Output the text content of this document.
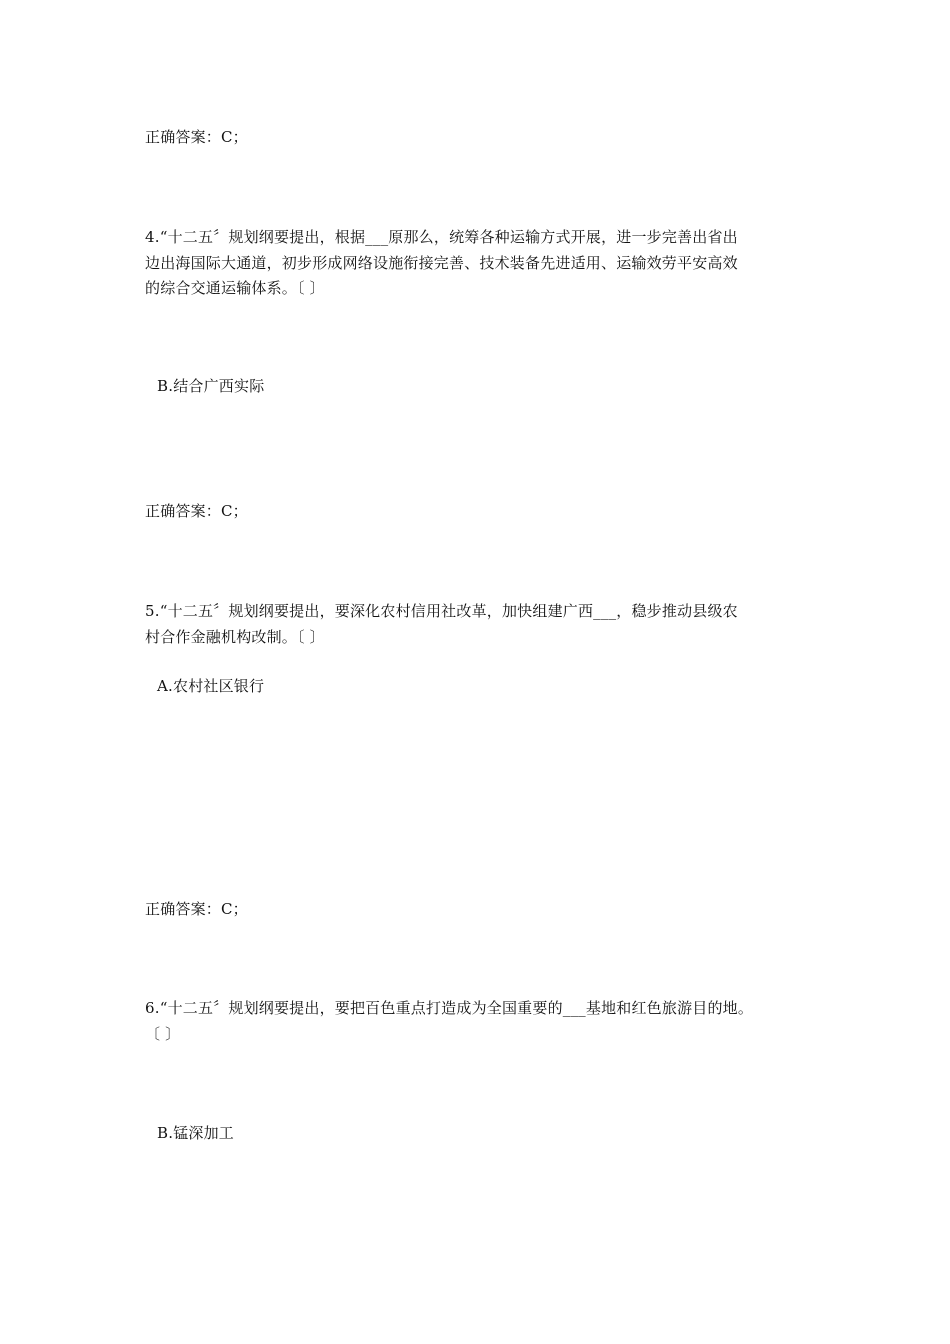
正确答案：C；
4.“十二五〞规划纲要提出，根据___原那么，统筹各种运输方式开展，进一步完善出省出
边出海国际大通道，初步形成网络设施衔接完善、技术装备先进适用、运输效劳平安高效
的综合交通运输体系。〔 〕
B.结合广西实际
正确答案：C；
5.“十二五〞规划纲要提出，要深化农村信用社改革，加快组建广西___，稳步推动县级农
村合作金融机构改制。〔 〕
A.农村社区银行
正确答案：C；
6.“十二五〞规划纲要提出，要把百色重点打造成为全国重要的___基地和红色旅游目的地。
〔 〕
B.锰深加工
